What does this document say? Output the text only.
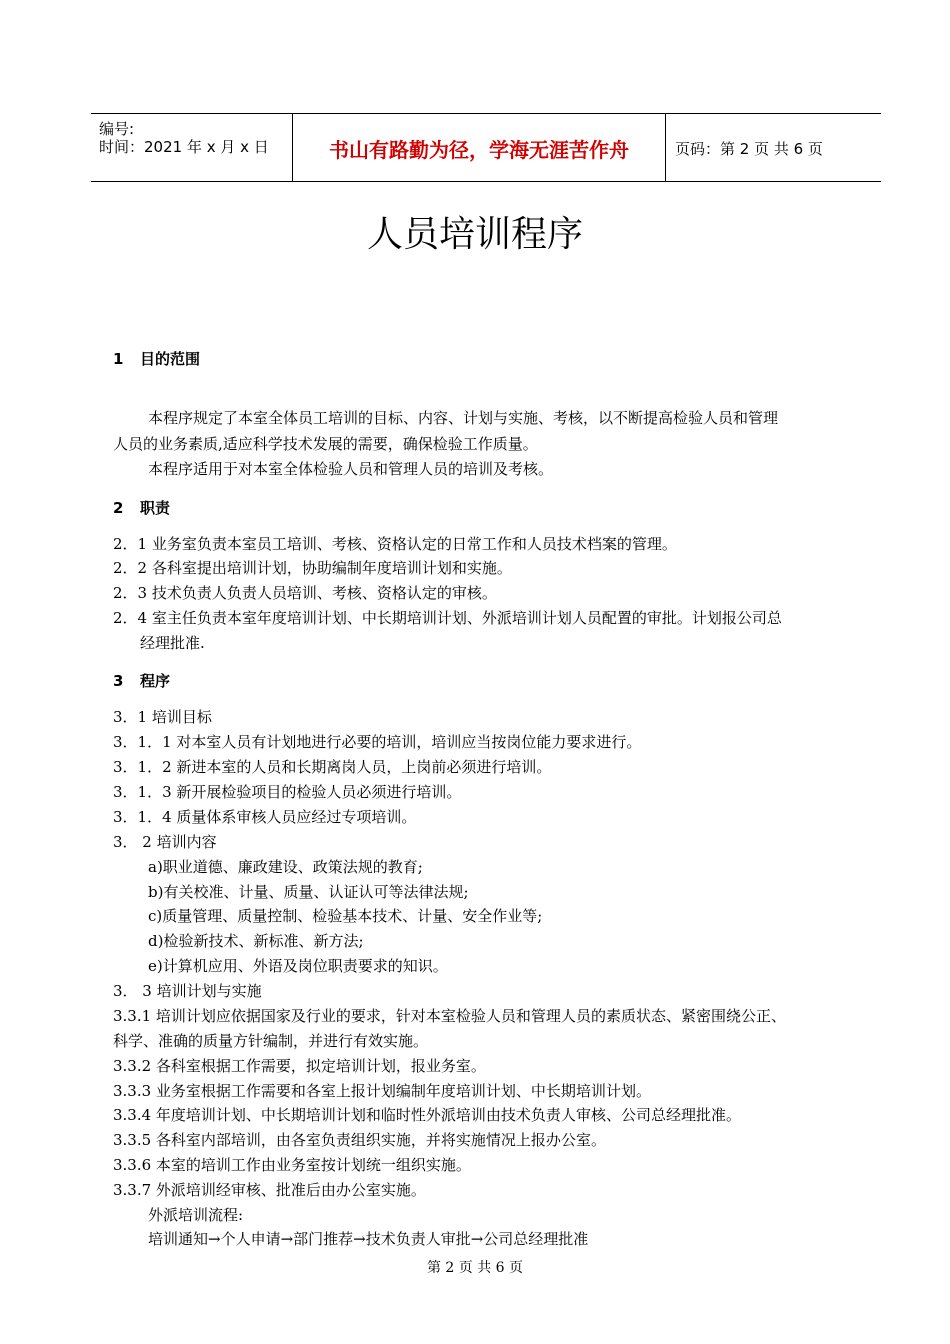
编号:
时间：2021 年 x 月 x 日	书山有路勤为径，学海无涯苦作舟	页码：第 2 页 共 6 页
人员培训程序
1 目的范围
本程序规定了本室全体员工培训的目标、内容、计划与实施、考核，以不断提高检验人员和管理
人员的业务素质,适应科学技术发展的需要，确保检验工作质量。
本程序适用于对本室全体检验人员和管理人员的培训及考核。
2 职责
2．1 业务室负责本室员工培训、考核、资格认定的日常工作和人员技术档案的管理。
2．2 各科室提出培训计划，协助编制年度培训计划和实施。
2．3 技术负责人负责人员培训、考核、资格认定的审核。
2．4 室主任负责本室年度培训计划、中长期培训计划、外派培训计划人员配置的审批。计划报公司总
经理批准.
3 程序
3．1 培训目标
3．1．1 对本室人员有计划地进行必要的培训，培训应当按岗位能力要求进行。
3．1．2 新进本室的人员和长期离岗人员，上岗前必须进行培训。
3．1．3 新开展检验项目的检验人员必须进行培训。
3．1．4 质量体系审核人员应经过专项培训。
3． 2 培训内容
a)职业道德、廉政建设、政策法规的教育;
b)有关校准、计量、质量、认证认可等法律法规;
c)质量管理、质量控制、检验基本技术、计量、安全作业等;
d)检验新技术、新标准、新方法;
e)计算机应用、外语及岗位职责要求的知识。
3． 3 培训计划与实施
3.3.1 培训计划应依据国家及行业的要求，针对本室检验人员和管理人员的素质状态、紧密围绕公正、
科学、准确的质量方针编制，并进行有效实施。
3.3.2 各科室根据工作需要，拟定培训计划，报业务室。
3.3.3 业务室根据工作需要和各室上报计划编制年度培训计划、中长期培训计划。
3.3.4 年度培训计划、中长期培训计划和临时性外派培训由技术负责人审核、公司总经理批准。
3.3.5 各科室内部培训，由各室负责组织实施，并将实施情况上报办公室。
3.3.6 本室的培训工作由业务室按计划统一组织实施。
3.3.7 外派培训经审核、批准后由办公室实施。
外派培训流程:
培训通知→个人申请→部门推荐→技术负责人审批→公司总经理批准
第 2 页 共 6 页
